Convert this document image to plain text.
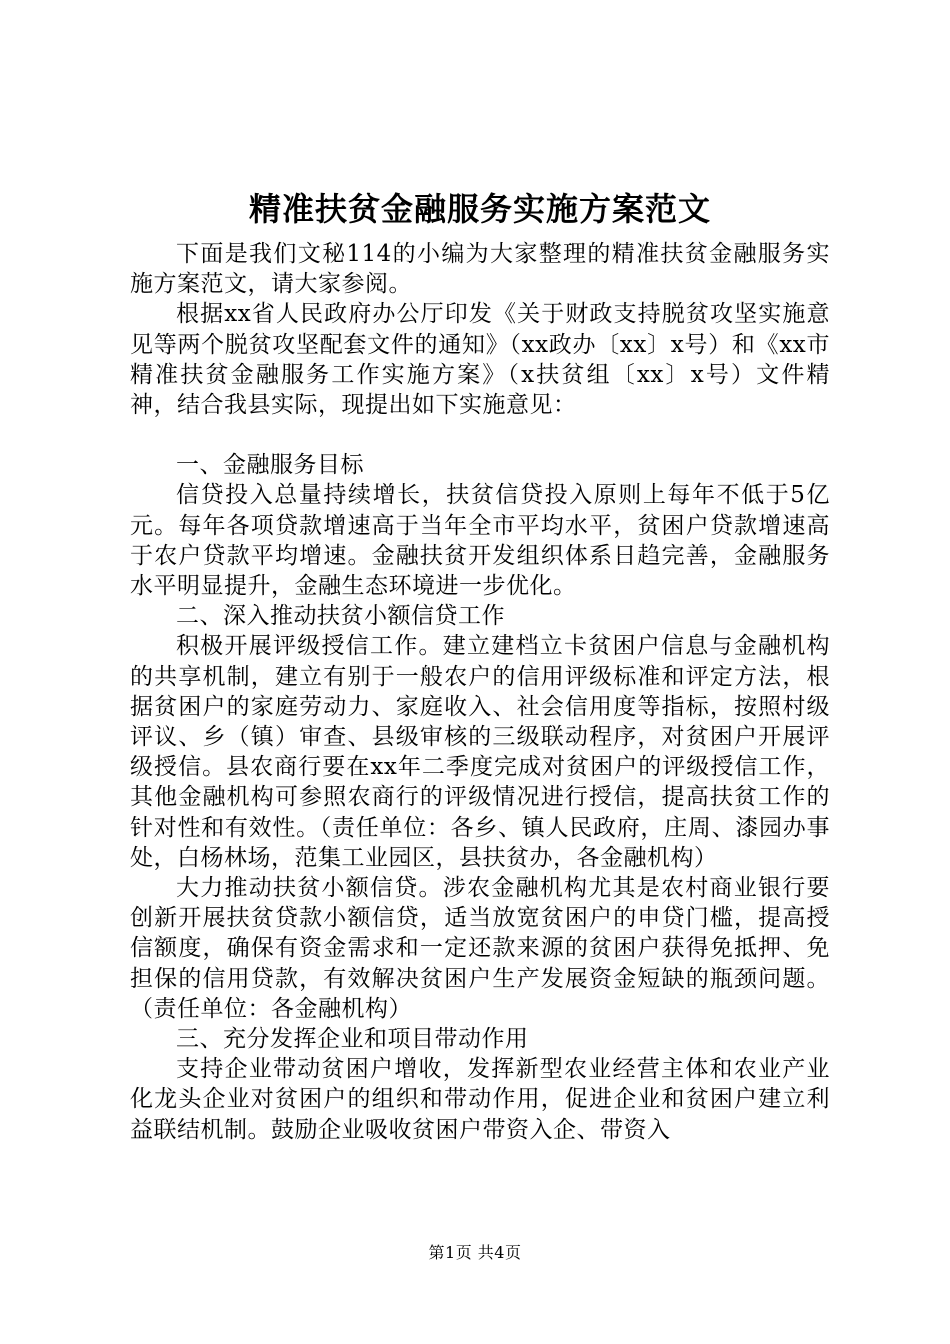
精准扶贫金融服务实施方案范文

下面是我们文秘114的小编为大家整理的精准扶贫金融服务实施方案范文，请大家参阅。

根据xx省人民政府办公厅印发《关于财政支持脱贫攻坚实施意见等两个脱贫攻坚配套文件的通知》（xx政办〔xx〕x号）和《xx市精准扶贫金融服务工作实施方案》（x扶贫组〔xx〕x号）文件精神，结合我县实际，现提出如下实施意见：

一、金融服务目标

信贷投入总量持续增长，扶贫信贷投入原则上每年不低于5亿元。每年各项贷款增速高于当年全市平均水平，贫困户贷款增速高于农户贷款平均增速。金融扶贫开发组织体系日趋完善，金融服务水平明显提升，金融生态环境进一步优化。

二、深入推动扶贫小额信贷工作

积极开展评级授信工作。建立建档立卡贫困户信息与金融机构的共享机制，建立有别于一般农户的信用评级标准和评定方法，根据贫困户的家庭劳动力、家庭收入、社会信用度等指标，按照村级评议、乡（镇）审查、县级审核的三级联动程序，对贫困户开展评级授信。县农商行要在xx年二季度完成对贫困户的评级授信工作，其他金融机构可参照农商行的评级情况进行授信，提高扶贫工作的针对性和有效性。（责任单位：各乡、镇人民政府，庄周、漆园办事处，白杨林场，范集工业园区，县扶贫办，各金融机构）

大力推动扶贫小额信贷。涉农金融机构尤其是农村商业银行要创新开展扶贫贷款小额信贷，适当放宽贫困户的申贷门槛，提高授信额度，确保有资金需求和一定还款来源的贫困户获得免抵押、免担保的信用贷款，有效解决贫困户生产发展资金短缺的瓶颈问题。（责任单位：各金融机构）

三、充分发挥企业和项目带动作用

支持企业带动贫困户增收，发挥新型农业经营主体和农业产业化龙头企业对贫困户的组织和带动作用，促进企业和贫困户建立利益联结机制。鼓励企业吸收贫困户带资入企、带资入

第1页 共4页
